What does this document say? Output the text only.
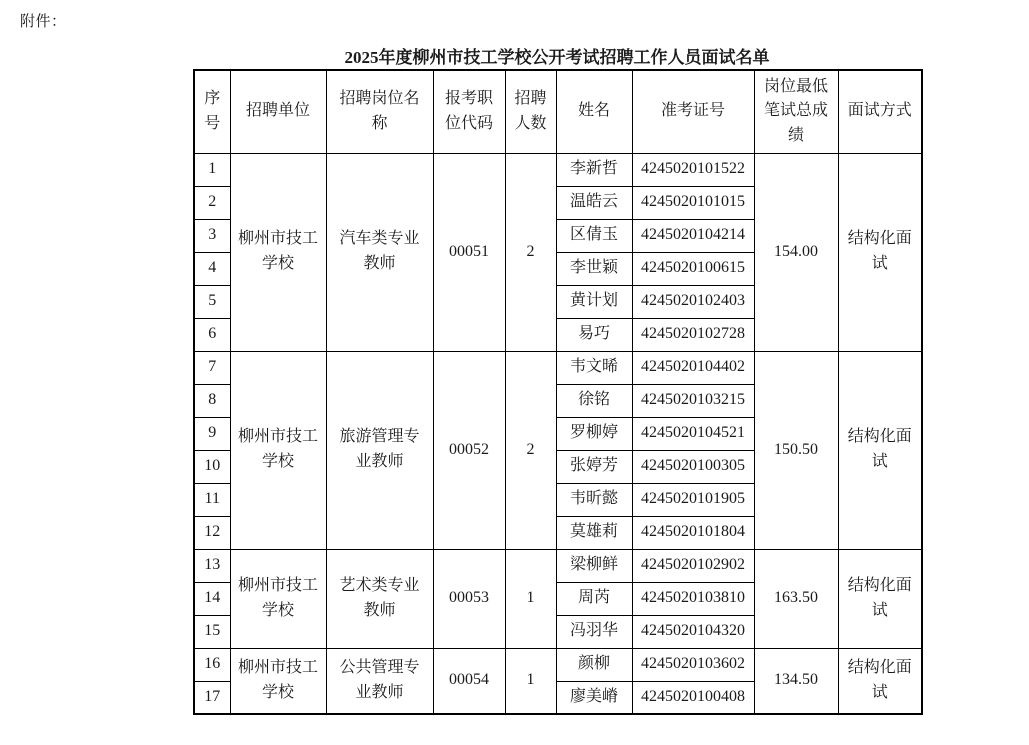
附件：
2025年度柳州市技工学校公开考试招聘工作人员面试名单
序号	招聘单位	招聘岗位名称	报考职位代码	招聘人数	姓名	准考证号	岗位最低笔试总成绩	面试方式
1	柳州市技工学校	汽车类专业教师	00051	2	李新哲	4245020101522	154.00	结构化面试
2					温皓云	4245020101015		
3					区倩玉	4245020104214		
4					李世颖	4245020100615		
5					黄计划	4245020102403		
6					易巧	4245020102728		
7	柳州市技工学校	旅游管理专业教师	00052	2	韦文晞	4245020104402	150.50	结构化面试
8					徐铭	4245020103215		
9					罗柳婷	4245020104521		
10					张婷芳	4245020100305		
11					韦昕懿	4245020101905		
12					莫雄莉	4245020101804		
13	柳州市技工学校	艺术类专业教师	00053	1	梁柳鲜	4245020102902	163.50	结构化面试
14					周芮	4245020103810		
15					冯羽华	4245020104320		
16	柳州市技工学校	公共管理专业教师	00054	1	颜柳	4245020103602	134.50	结构化面试
17					廖美嵴	4245020100408		
